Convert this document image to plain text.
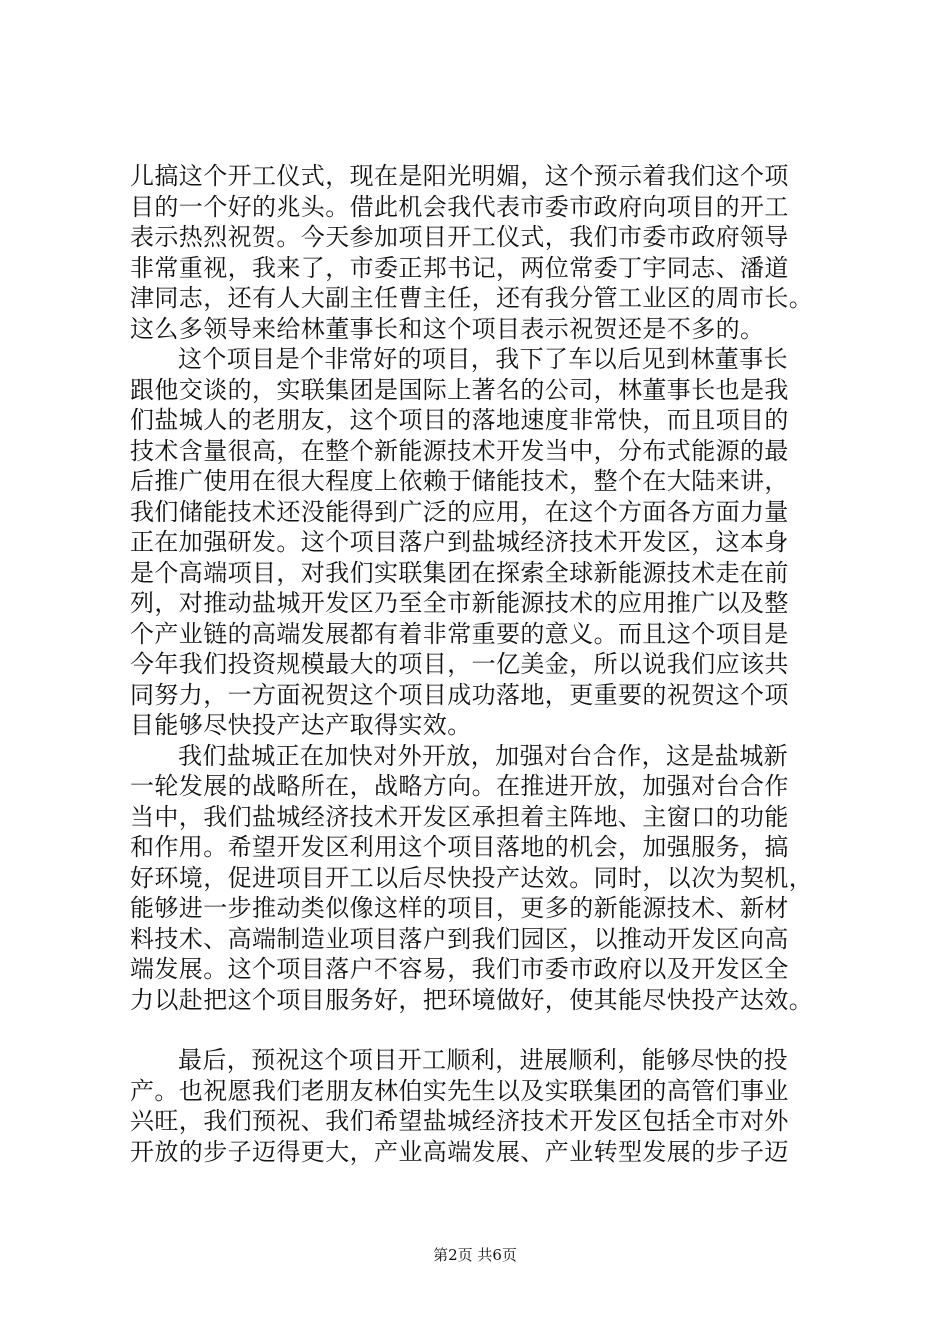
儿搞这个开工仪式，现在是阳光明媚，这个预示着我们这个项
目的一个好的兆头。借此机会我代表市委市政府向项目的开工
表示热烈祝贺。今天参加项目开工仪式，我们市委市政府领导
非常重视，我来了，市委正邦书记，两位常委丁宇同志、潘道
津同志，还有人大副主任曹主任，还有我分管工业区的周市长。
这么多领导来给林董事长和这个项目表示祝贺还是不多的。
这个项目是个非常好的项目，我下了车以后见到林董事长
跟他交谈的，实联集团是国际上著名的公司，林董事长也是我
们盐城人的老朋友，这个项目的落地速度非常快，而且项目的
技术含量很高，在整个新能源技术开发当中，分布式能源的最
后推广使用在很大程度上依赖于储能技术，整个在大陆来讲，
我们储能技术还没能得到广泛的应用，在这个方面各方面力量
正在加强研发。这个项目落户到盐城经济技术开发区，这本身
是个高端项目，对我们实联集团在探索全球新能源技术走在前
列，对推动盐城开发区乃至全市新能源技术的应用推广以及整
个产业链的高端发展都有着非常重要的意义。而且这个项目是
今年我们投资规模最大的项目，一亿美金，所以说我们应该共
同努力，一方面祝贺这个项目成功落地，更重要的祝贺这个项
目能够尽快投产达产取得实效。
我们盐城正在加快对外开放，加强对台合作，这是盐城新
一轮发展的战略所在，战略方向。在推进开放，加强对台合作
当中，我们盐城经济技术开发区承担着主阵地、主窗口的功能
和作用。希望开发区利用这个项目落地的机会，加强服务，搞
好环境，促进项目开工以后尽快投产达效。同时，以次为契机，
能够进一步推动类似像这样的项目，更多的新能源技术、新材
料技术、高端制造业项目落户到我们园区，以推动开发区向高
端发展。这个项目落户不容易，我们市委市政府以及开发区全
力以赴把这个项目服务好，把环境做好，使其能尽快投产达效。
最后，预祝这个项目开工顺利，进展顺利，能够尽快的投
产。也祝愿我们老朋友林伯实先生以及实联集团的高管们事业
兴旺，我们预祝、我们希望盐城经济技术开发区包括全市对外
开放的步子迈得更大，产业高端发展、产业转型发展的步子迈
第2页 共6页
